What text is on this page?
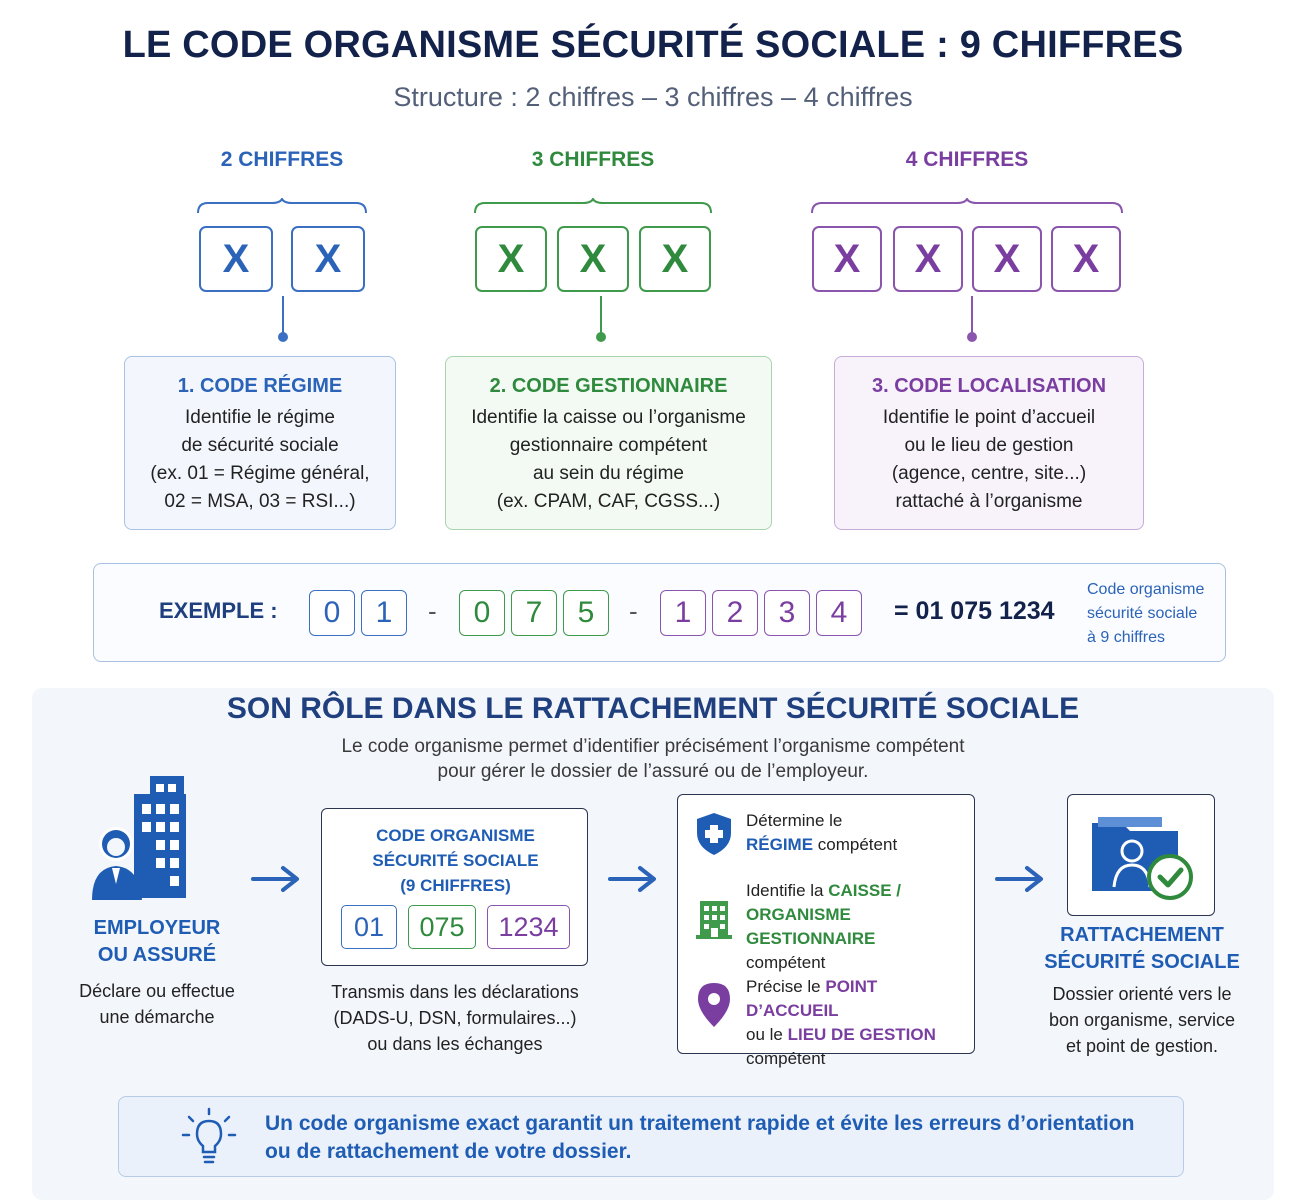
LE CODE ORGANISME SÉCURITÉ SOCIALE : 9 CHIFFRES
Structure : 2 chiffres – 3 chiffres – 4 chiffres
2 CHIFFRES	3 CHIFFRES	4 CHIFFRES
X	X	X	X	X	X	X	X	X
1. CODE RÉGIME
Identifie le régime
de sécurité sociale
(ex. 01 = Régime général,
02 = MSA, 03 = RSI...)
2. CODE GESTIONNAIRE
Identifie la caisse ou l’organisme
gestionnaire compétent
au sein du régime
(ex. CPAM, CAF, CGSS...)
3. CODE LOCALISATION
Identifie le point d’accueil
ou le lieu de gestion
(agence, centre, site...)
rattaché à l’organisme
EXEMPLE :	0	1	-	0	7	5	-	1	2	3	4	= 01 075 1234
Code organisme
sécurité sociale
à 9 chiffres
SON RÔLE DANS LE RATTACHEMENT SÉCURITÉ SOCIALE
Le code organisme permet d’identifier précisément l’organisme compétent
pour gérer le dossier de l’assuré ou de l’employeur.
EMPLOYEUR
OU ASSURÉ
Déclare ou effectue
une démarche
CODE ORGANISME
SÉCURITÉ SOCIALE
(9 CHIFFRES)
01	075	1234
Transmis dans les déclarations
(DADS-U, DSN, formulaires...)
ou dans les échanges
Détermine le
RÉGIME compétent
Identifie la CAISSE /
ORGANISME GESTIONNAIRE
compétent
Précise le POINT D’ACCUEIL
ou le LIEU DE GESTION
compétent
RATTACHEMENT
SÉCURITÉ SOCIALE
Dossier orienté vers le
bon organisme, service
et point de gestion.
Un code organisme exact garantit un traitement rapide et évite les erreurs d’orientation
ou de rattachement de votre dossier.
